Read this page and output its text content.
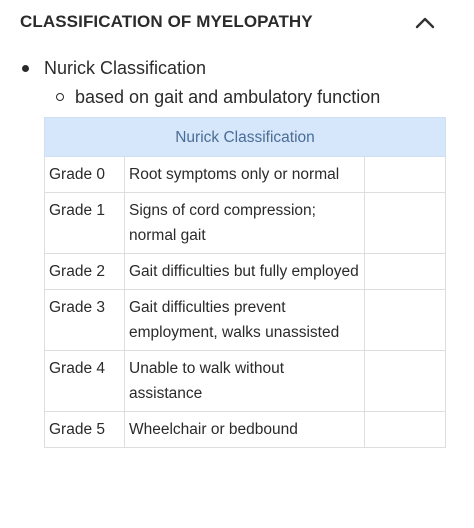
CLASSIFICATION OF MYELOPATHY
Nurick Classification
based on gait and ambulatory function
Nurick Classification		
Grade 0	Root symptoms only or normal	
Grade 1	Signs of cord compression; normal gait	
Grade 2	Gait difficulties but fully employed	
Grade 3	Gait difficulties prevent employment, walks unassisted	
Grade 4	Unable to walk without assistance	
Grade 5	Wheelchair or bedbound	
